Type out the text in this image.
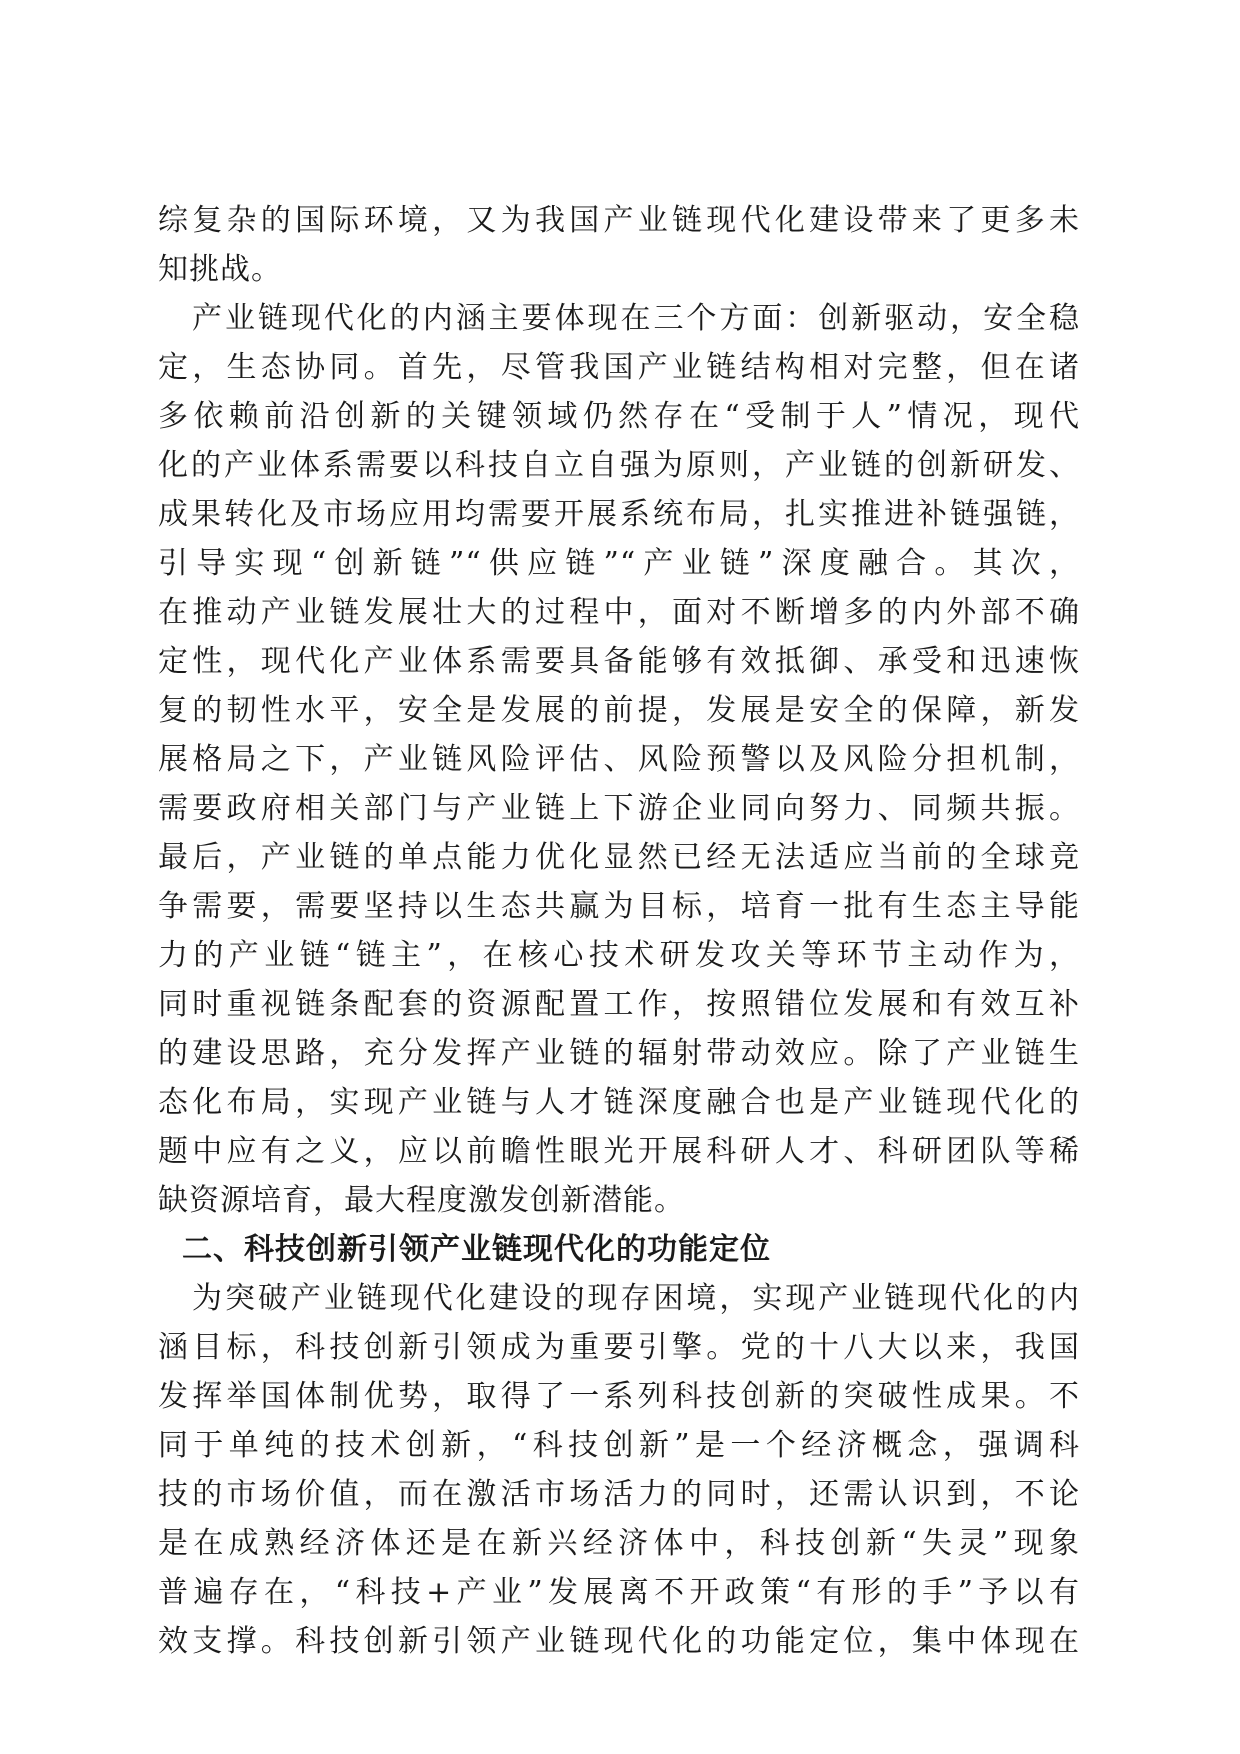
综复杂的国际环境，又为我国产业链现代化建设带来了更多未
知挑战。
产业链现代化的内涵主要体现在三个方面：创新驱动，安全稳
定，生态协同。首先，尽管我国产业链结构相对完整，但在诸
多依赖前沿创新的关键领域仍然存在“受制于人”情况，现代
化的产业体系需要以科技自立自强为原则，产业链的创新研发、
成果转化及市场应用均需要开展系统布局，扎实推进补链强链，
引导实现“创新链”“供应链”“产业链”深度融合。其次，
在推动产业链发展壮大的过程中，面对不断增多的内外部不确
定性，现代化产业体系需要具备能够有效抵御、承受和迅速恢
复的韧性水平，安全是发展的前提，发展是安全的保障，新发
展格局之下，产业链风险评估、风险预警以及风险分担机制，
需要政府相关部门与产业链上下游企业同向努力、同频共振。
最后，产业链的单点能力优化显然已经无法适应当前的全球竞
争需要，需要坚持以生态共赢为目标，培育一批有生态主导能
力的产业链“链主”，在核心技术研发攻关等环节主动作为，
同时重视链条配套的资源配置工作，按照错位发展和有效互补
的建设思路，充分发挥产业链的辐射带动效应。除了产业链生
态化布局，实现产业链与人才链深度融合也是产业链现代化的
题中应有之义，应以前瞻性眼光开展科研人才、科研团队等稀
缺资源培育，最大程度激发创新潜能。
二、科技创新引领产业链现代化的功能定位
为突破产业链现代化建设的现存困境，实现产业链现代化的内
涵目标，科技创新引领成为重要引擎。党的十八大以来，我国
发挥举国体制优势，取得了一系列科技创新的突破性成果。不
同于单纯的技术创新，“科技创新”是一个经济概念，强调科
技的市场价值，而在激活市场活力的同时，还需认识到，不论
是在成熟经济体还是在新兴经济体中，科技创新“失灵”现象
普遍存在，“科技+产业”发展离不开政策“有形的手”予以有
效支撑。科技创新引领产业链现代化的功能定位，集中体现在
